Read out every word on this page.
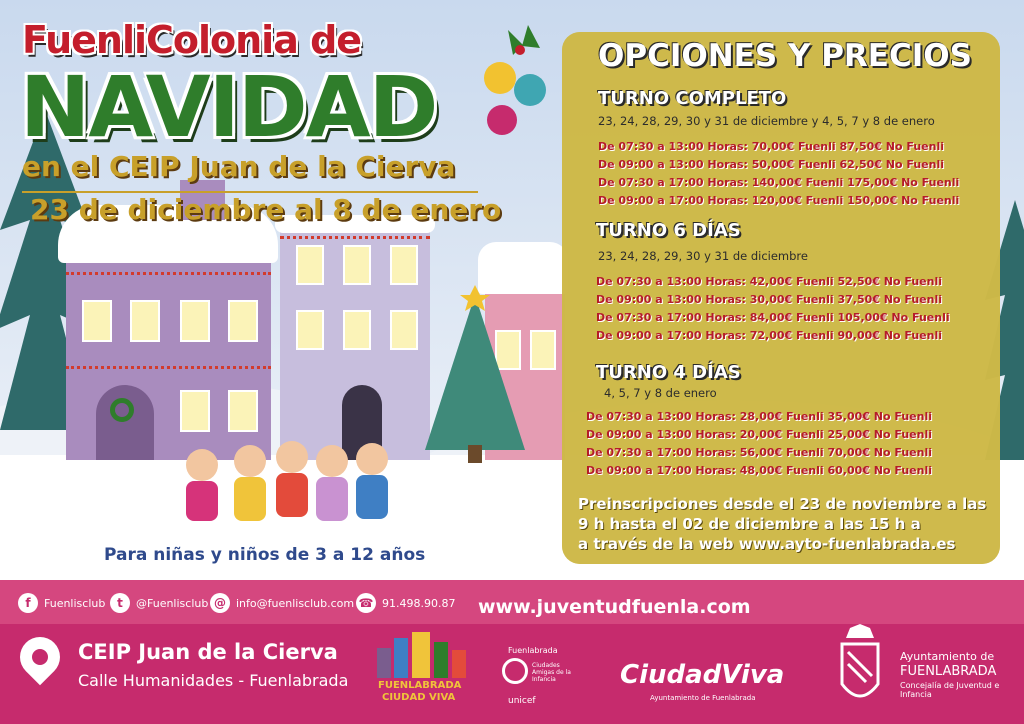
FuenliColonia de
NAVIDAD
en el CEIP Juan de la Cierva
23 de diciembre al 8 de enero
OPCIONES Y PRECIOS
TURNO COMPLETO
23, 24, 28, 29, 30 y 31 de diciembre y 4, 5, 7 y 8 de enero
De 07:30 a 13:00 Horas: 70,00€ Fuenli 87,50€ No Fuenli
De 09:00 a 13:00 Horas: 50,00€ Fuenli 62,50€ No Fuenli
De 07:30 a 17:00 Horas: 140,00€ Fuenli 175,00€ No Fuenli
De 09:00 a 17:00 Horas: 120,00€ Fuenli 150,00€ No Fuenli
TURNO 6 DÍAS
23, 24, 28, 29, 30 y 31 de diciembre
De 07:30 a 13:00 Horas: 42,00€ Fuenli 52,50€ No Fuenli
De 09:00 a 13:00 Horas: 30,00€ Fuenli 37,50€ No Fuenli
De 07:30 a 17:00 Horas: 84,00€ Fuenli 105,00€ No Fuenli
De 09:00 a 17:00 Horas: 72,00€ Fuenli 90,00€ No Fuenli
TURNO 4 DÍAS
4, 5, 7 y 8 de enero
De 07:30 a 13:00 Horas: 28,00€ Fuenli 35,00€ No Fuenli
De 09:00 a 13:00 Horas: 20,00€ Fuenli 25,00€ No Fuenli
De 07:30 a 17:00 Horas: 56,00€ Fuenli 70,00€ No Fuenli
De 09:00 a 17:00 Horas: 48,00€ Fuenli 60,00€ No Fuenli
Preinscripciones desde el 23 de noviembre a las
9 h hasta el 02 de diciembre a las 15 h a
a través de la web www.ayto-fuenlabrada.es
Para niñas y niños de 3 a 12 años
f	Fuenlisclub t	@Fuenlisclub @ info@fuenlisclub.com ☎ 91.498.90.87 www.juventudfuenla.com
CEIP Juan de la Cierva
Calle Humanidades - Fuenlabrada	FUENLABRADA
CIUDAD VIVA
Fuenlabrada
Ciudades Amigas de la Infancia
unicef
CiudadViva
Ayuntamiento de Fuenlabrada
Ayuntamiento de
FUENLABRADA
Concejalía de Juventud e Infancia
